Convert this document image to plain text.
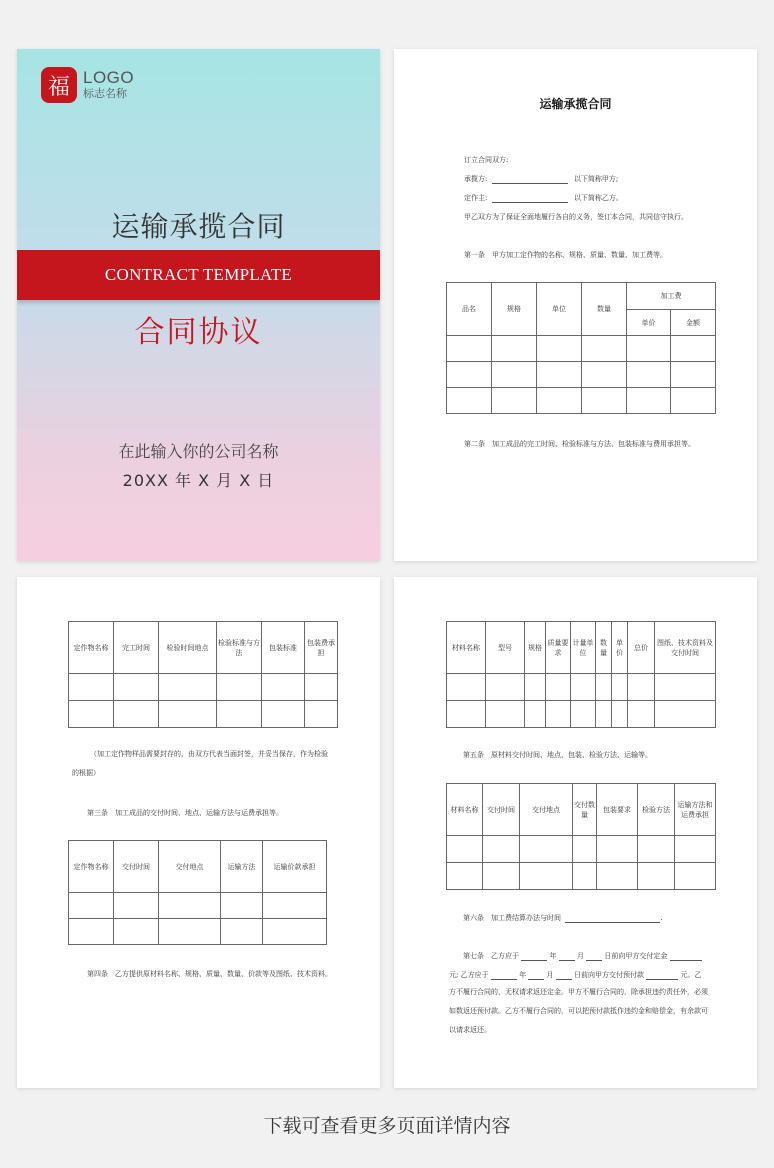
福 LOGO
标志名称
运输承揽合同
CONTRACT TEMPLATE
合同协议
在此输入你的公司名称
20XX 年 X 月 X 日
运输承揽合同
订立合同双方:
承揽方:	以下简称甲方;
定作主:	以下简称乙方。
甲乙双方为了保证全面地履行各自的义务，签订本合同，共同信守执行。
第一条　甲方加工定作物的名称、规格、质量、数量、加工费等。
品名	规格	单位	数量	加工费	
				单价	金额

第二条　加工成品的完工时间、检验标准与方法、包装标准与费用承担等。
定作物名称	完工时间	检验时间地点	检验标准与方法	包装标准	包装费承担

（加工定作物样品需要封存的，由双方代表当面封签，并妥当保存，作为检验的根据）
第三条　加工成品的交付时间、地点、运输方法与运费承担等。
定作物名称	交付时间	交付地点	运输方法	运输价款承担

第四条　乙方提供原材料名称、规格、质量、数量、价款等及图纸、技术资料。
材料名称	型号	规格	质量要求	计量单位	数量	单价	总价	图纸、技术资料及交付时间

第五条　原材料交付时间、地点、包装、检验方法、运输等。
材料名称	交付时间	交付地点	交付数量	包装要求	检验方法	运输方法和运费承担

第六条　加工费结算办法与时间	.
第七条　乙方应于	年	月	日前向甲方交付定金
元; 乙方应于	年	月	日前向甲方交付预付款	元。乙
方不履行合同的，无权请求返还定金。甲方不履行合同的，除承担违约责任外，必须如数返还预付款。乙方不履行合同的，可以把预付款抵作违约金和赔偿金，有余款可以请求返还。
下载可查看更多页面详情内容
